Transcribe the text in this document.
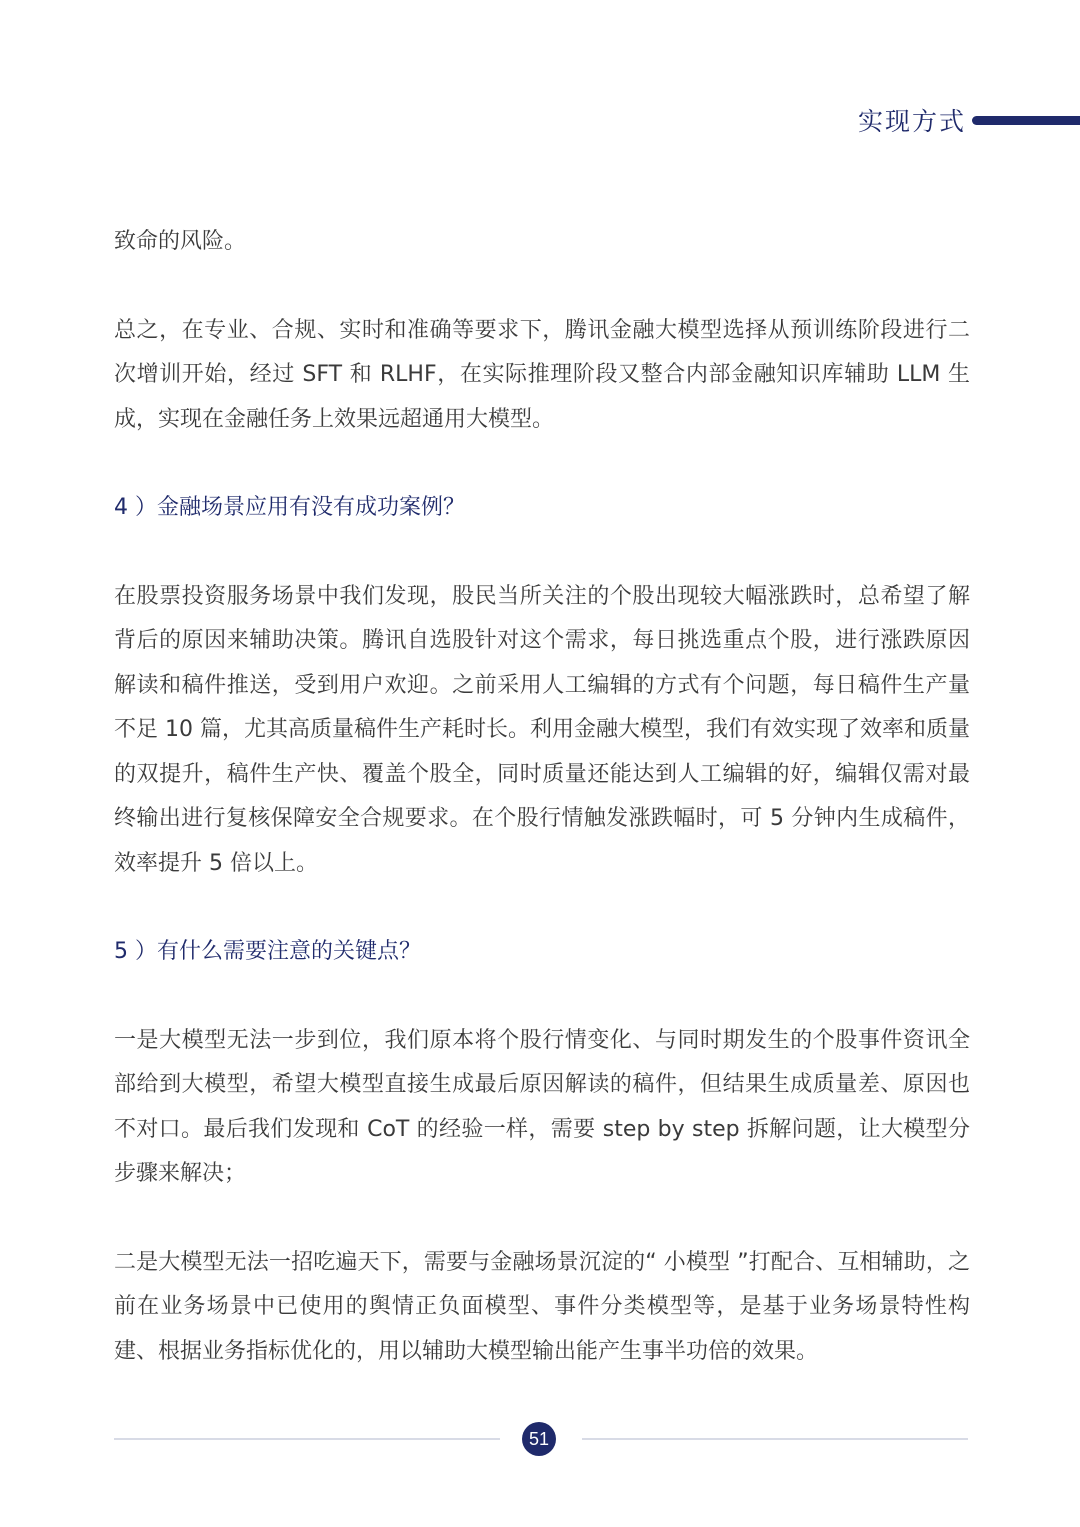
实现方式

致命的风险。

总之，在专业、合规、实时和准确等要求下，腾讯金融大模型选择从预训练阶段进行二次增训开始，经过 SFT 和 RLHF，在实际推理阶段又整合内部金融知识库辅助 LLM 生成，实现在金融任务上效果远超通用大模型。

4 ）金融场景应用有没有成功案例？

在股票投资服务场景中我们发现，股民当所关注的个股出现较大幅涨跌时，总希望了解背后的原因来辅助决策。腾讯自选股针对这个需求，每日挑选重点个股，进行涨跌原因解读和稿件推送，受到用户欢迎。之前采用人工编辑的方式有个问题，每日稿件生产量不足 10 篇，尤其高质量稿件生产耗时长。利用金融大模型，我们有效实现了效率和质量的双提升，稿件生产快、覆盖个股全，同时质量还能达到人工编辑的好，编辑仅需对最终输出进行复核保障安全合规要求。在个股行情触发涨跌幅时，可 5 分钟内生成稿件，效率提升 5 倍以上。

5 ）有什么需要注意的关键点？

一是大模型无法一步到位，我们原本将个股行情变化、与同时期发生的个股事件资讯全部给到大模型，希望大模型直接生成最后原因解读的稿件，但结果生成质量差、原因也不对口。最后我们发现和 CoT 的经验一样，需要 step by step 拆解问题，让大模型分步骤来解决；

二是大模型无法一招吃遍天下，需要与金融场景沉淀的“ 小模型 ”打配合、互相辅助，之前在业务场景中已使用的舆情正负面模型、事件分类模型等，是基于业务场景特性构建、根据业务指标优化的，用以辅助大模型输出能产生事半功倍的效果。

51
